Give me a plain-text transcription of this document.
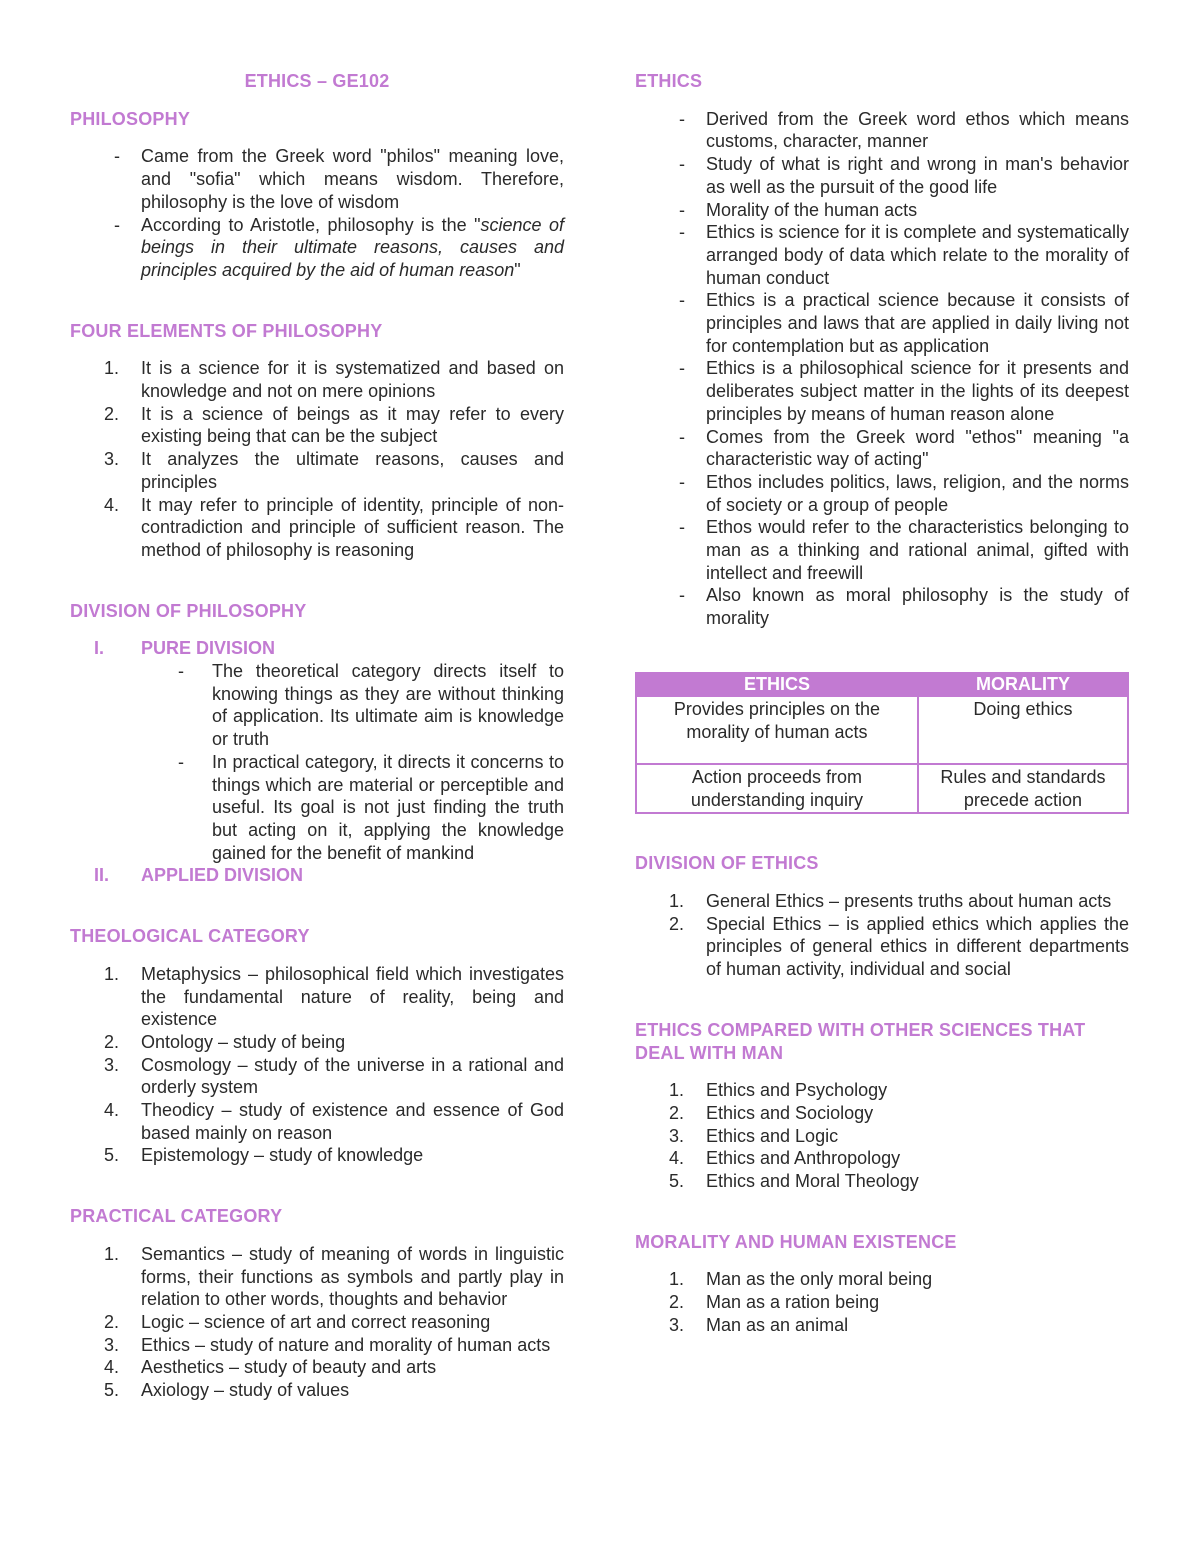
ETHICS – GE102

PHILOSOPHY

- Came from the Greek word "philos" meaning love, and "sofia" which means wisdom. Therefore, philosophy is the love of wisdom
- According to Aristotle, philosophy is the "science of beings in their ultimate reasons, causes and principles acquired by the aid of human reason"

FOUR ELEMENTS OF PHILOSOPHY

1. It is a science for it is systematized and based on knowledge and not on mere opinions
2. It is a science of beings as it may refer to every existing being that can be the subject
3. It analyzes the ultimate reasons, causes and principles
4. It may refer to principle of identity, principle of non-contradiction and principle of sufficient reason. The method of philosophy is reasoning

DIVISION OF PHILOSOPHY

I. PURE DIVISION
- The theoretical category directs itself to knowing things as they are without thinking of application. Its ultimate aim is knowledge or truth
- In practical category, it directs it concerns to things which are material or perceptible and useful. Its goal is not just finding the truth but acting on it, applying the knowledge gained for the benefit of mankind
II. APPLIED DIVISION

THEOLOGICAL CATEGORY

1. Metaphysics – philosophical field which investigates the fundamental nature of reality, being and existence
2. Ontology – study of being
3. Cosmology – study of the universe in a rational and orderly system
4. Theodicy – study of existence and essence of God based mainly on reason
5. Epistemology – study of knowledge

PRACTICAL CATEGORY

1. Semantics – study of meaning of words in linguistic forms, their functions as symbols and partly play in relation to other words, thoughts and behavior
2. Logic – science of art and correct reasoning
3. Ethics – study of nature and morality of human acts
4. Aesthetics – study of beauty and arts
5. Axiology – study of values

ETHICS

- Derived from the Greek word ethos which means customs, character, manner
- Study of what is right and wrong in man's behavior as well as the pursuit of the good life
- Morality of the human acts
- Ethics is science for it is complete and systematically arranged body of data which relate to the morality of human conduct
- Ethics is a practical science because it consists of principles and laws that are applied in daily living not for contemplation but as application
- Ethics is a philosophical science for it presents and deliberates subject matter in the lights of its deepest principles by means of human reason alone
- Comes from the Greek word "ethos" meaning "a characteristic way of acting"
- Ethos includes politics, laws, religion, and the norms of society or a group of people
- Ethos would refer to the characteristics belonging to man as a thinking and rational animal, gifted with intellect and freewill
- Also known as moral philosophy is the study of morality
ETHICS	MORALITY
Provides principles on the morality of human acts	Doing ethics
Action proceeds from understanding inquiry	Rules and standards precede action

DIVISION OF ETHICS

1. General Ethics – presents truths about human acts
2. Special Ethics – is applied ethics which applies the principles of general ethics in different departments of human activity, individual and social

ETHICS COMPARED WITH OTHER SCIENCES THAT DEAL WITH MAN

1. Ethics and Psychology
2. Ethics and Sociology
3. Ethics and Logic
4. Ethics and Anthropology
5. Ethics and Moral Theology

MORALITY AND HUMAN EXISTENCE

1. Man as the only moral being
2. Man as a ration being
3. Man as an animal
